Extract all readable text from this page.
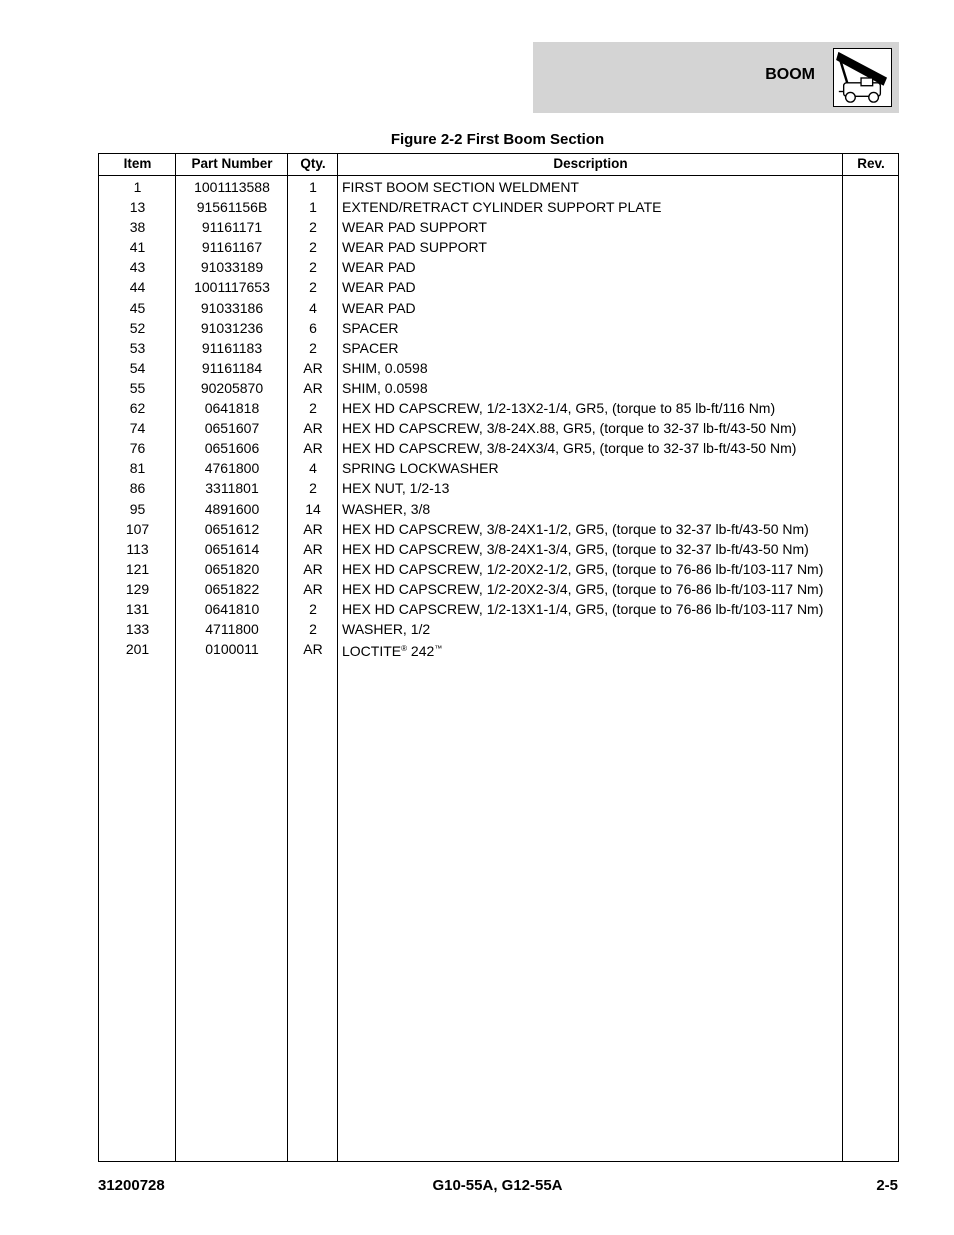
BOOM
Figure 2-2 First Boom Section
Item	Part Number	Qty.	Description	Rev.
1	1001113588	1	FIRST BOOM SECTION WELDMENT
13	91561156B	1	EXTEND/RETRACT CYLINDER SUPPORT PLATE
38	91161171	2	WEAR PAD SUPPORT
41	91161167	2	WEAR PAD SUPPORT
43	91033189	2	WEAR PAD
44	1001117653	2	WEAR PAD
45	91033186	4	WEAR PAD
52	91031236	6	SPACER
53	91161183	2	SPACER
54	91161184	AR	SHIM, 0.0598
55	90205870	AR	SHIM, 0.0598
62	0641818	2	HEX HD CAPSCREW, 1/2-13X2-1/4, GR5, (torque to 85 lb-ft/116 Nm)
74	0651607	AR	HEX HD CAPSCREW, 3/8-24X.88, GR5, (torque to 32-37 lb-ft/43-50 Nm)
76	0651606	AR	HEX HD CAPSCREW, 3/8-24X3/4, GR5, (torque to 32-37 lb-ft/43-50 Nm)
81	4761800	4	SPRING LOCKWASHER
86	3311801	2	HEX NUT, 1/2-13
95	4891600	14	WASHER, 3/8
107	0651612	AR	HEX HD CAPSCREW, 3/8-24X1-1/2, GR5, (torque to 32-37 lb-ft/43-50 Nm)
113	0651614	AR	HEX HD CAPSCREW, 3/8-24X1-3/4, GR5, (torque to 32-37 lb-ft/43-50 Nm)
121	0651820	AR	HEX HD CAPSCREW, 1/2-20X2-1/2, GR5, (torque to 76-86 lb-ft/103-117 Nm)
129	0651822	AR	HEX HD CAPSCREW, 1/2-20X2-3/4, GR5, (torque to 76-86 lb-ft/103-117 Nm)
131	0641810	2	HEX HD CAPSCREW, 1/2-13X1-1/4, GR5, (torque to 76-86 lb-ft/103-117 Nm)
133	4711800	2	WASHER, 1/2
201	0100011	AR	LOCTITE® 242™
31200728	G10-55A, G12-55A	2-5
